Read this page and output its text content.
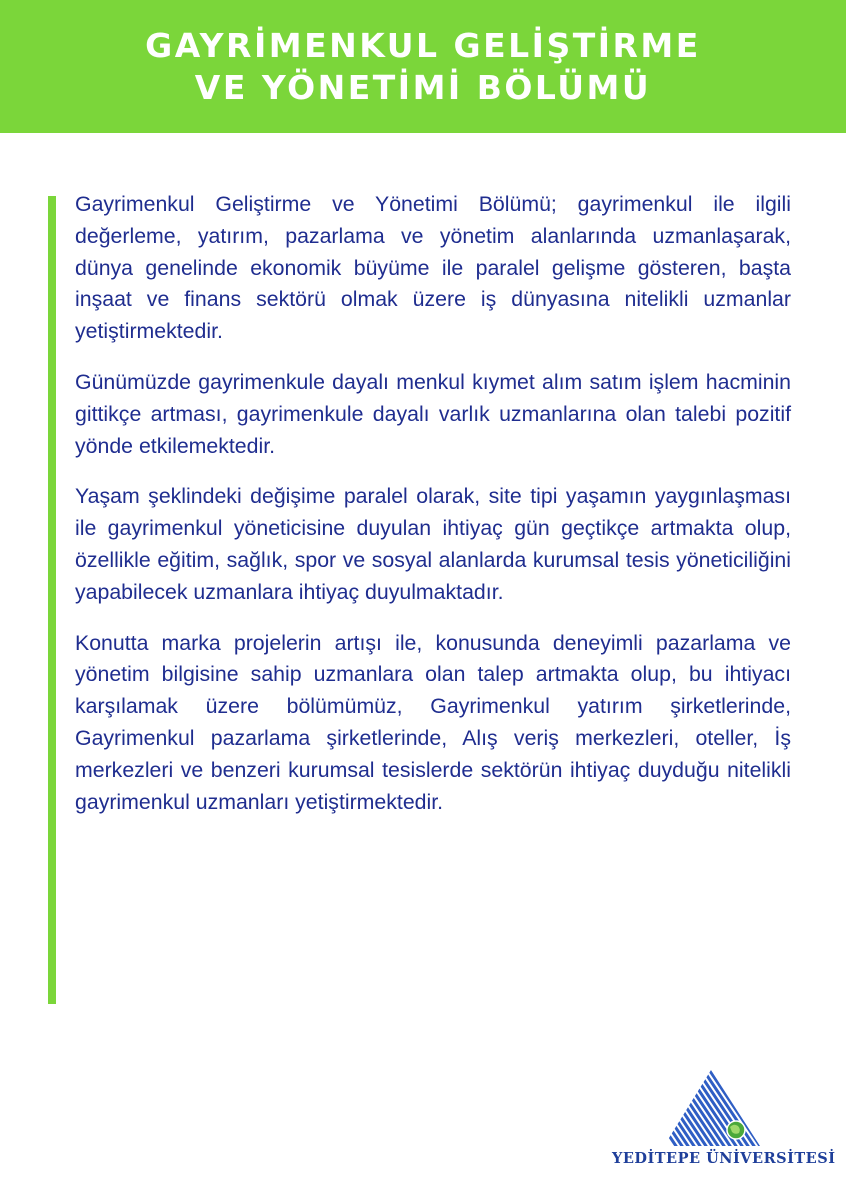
GAYRİMENKUL GELİŞTİRME
VE YÖNETİMİ BÖLÜMÜ

Gayrimenkul Geliştirme ve Yönetimi Bölümü; gayrimenkul ile ilgili değerleme, yatırım, pazarlama ve yönetim alanlarında uzmanlaşarak, dünya genelinde ekonomik büyüme ile paralel gelişme gösteren, başta inşaat ve finans sektörü olmak üzere iş dünyasına nitelikli uzmanlar yetiştirmektedir.

Günümüzde gayrimenkule dayalı menkul kıymet alım satım işlem hacminin gittikçe artması, gayrimenkule dayalı varlık uzmanlarına olan talebi pozitif yönde etkilemektedir.

Yaşam şeklindeki değişime paralel olarak, site tipi yaşamın yaygınlaşması ile gayrimenkul yöneticisine duyulan ihtiyaç gün geçtikçe artmakta olup, özellikle eğitim, sağlık, spor ve sosyal alanlarda kurumsal tesis yöneticiliğini yapabilecek uzmanlara ihtiyaç duyulmaktadır.

Konutta marka projelerin artışı ile, konusunda deneyimli pazarlama ve yönetim bilgisine sahip uzmanlara olan talep artmakta olup, bu ihtiyacı karşılamak üzere bölümümüz, Gayrimenkul yatırım şirketlerinde, Gayrimenkul pazarlama şirketlerinde, Alış veriş merkezleri, oteller, İş merkezleri ve benzeri kurumsal tesislerde sektörün ihtiyaç duyduğu nitelikli gayrimenkul uzmanları yetiştirmektedir.

YEDİTEPE ÜNİVERSİTESİ
